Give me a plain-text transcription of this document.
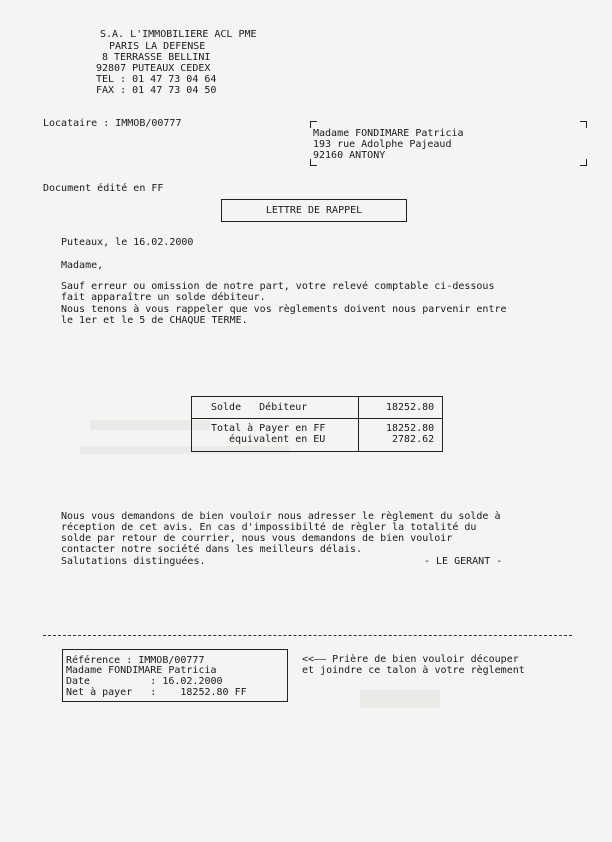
S.A. L'IMMOBILIERE ACL PME
PARIS LA DEFENSE
8 TERRASSE BELLINI
92807 PUTEAUX CEDEX
TEL : 01 47 73 04 64
FAX : 01 47 73 04 50
Locataire : IMMOB/00777
Madame FONDIMARE Patricia
193 rue Adolphe Pajeaud
92160 ANTONY
Document édité en FF
LETTRE DE RAPPEL
Puteaux, le 16.02.2000
Madame,
Sauf erreur ou omission de notre part, votre relevé comptable ci-dessous
fait apparaître un solde débiteur.
Nous tenons à vous rappeler que vos règlements doivent nous parvenir entre
le 1er et le 5 de CHAQUE TERME.
Solde   Débiteur	18252.80
Total à Payer en FF
équivalent en EU
18252.80
2782.62
Nous vous demandons de bien vouloir nous adresser le règlement du solde à
réception de cet avis. En cas d'impossibilté de règler la totalité du
solde par retour de courrier, nous vous demandons de bien vouloir
contacter notre société dans les meilleurs délais.
Salutations distinguées.	- LE GERANT -
Référence : IMMOB/00777
Madame FONDIMARE Patricia
Date          : 16.02.2000
Net à payer   :    18252.80 FF
<<—— Prière de bien vouloir découper
et joindre ce talon à votre règlement
